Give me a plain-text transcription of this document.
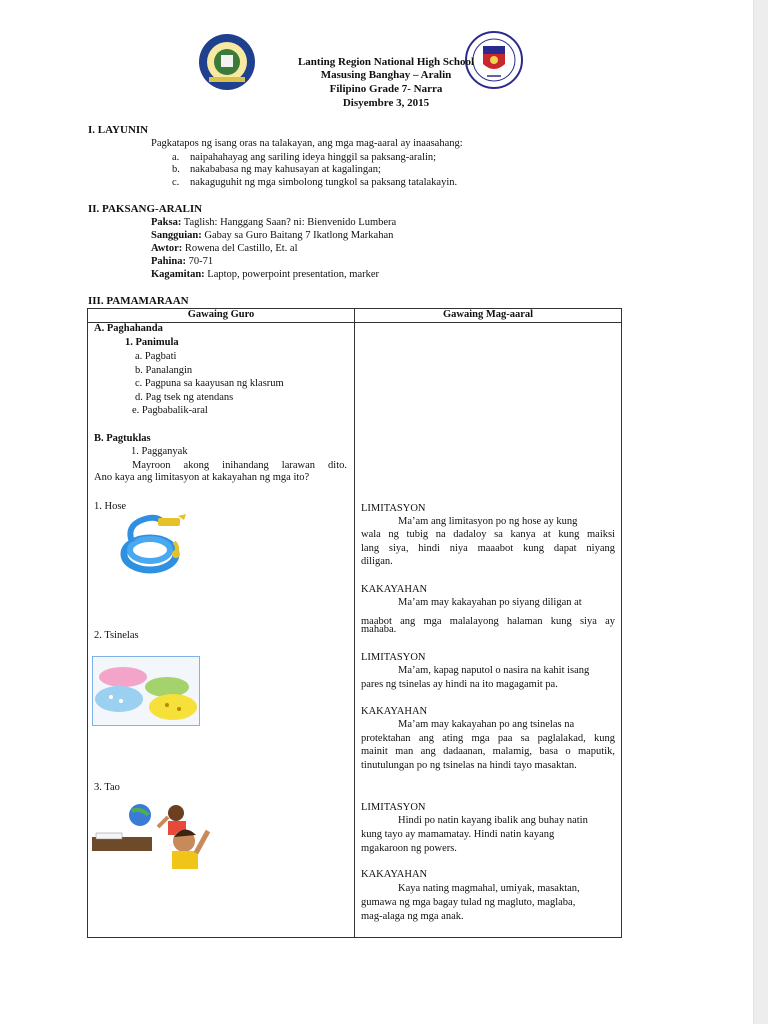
Lanting Region National High School
Masusing Banghay – Aralin
Filipino Grade 7- Narra
Disyembre 3, 2015
I. LAYUNIN
Pagkatapos ng isang oras na talakayan, ang mga mag-aaral ay inaasahang:
a. naipahahayag ang sariling ideya hinggil sa paksang-aralin;
b. nakababasa ng may kahusayan at kagalingan;
c. nakaguguhit ng mga simbolong tungkol sa paksang tatalakayin.
II. PAKSANG-ARALIN
Paksa: Taglish: Hanggang Saan? ni: Bienvenido Lumbera
Sangguian: Gabay sa Guro Baitang 7 Ikatlong Markahan
Awtor: Rowena del Castillo, Et. al
Pahina: 70-71
Kagamitan: Laptop, powerpoint presentation, marker
III. PAMAMARAAN
Gawaing Guro	Gawaing Mag-aaral
A. Paghahanda
1. Panimula
a. Pagbati
b. Panalangin
c. Pagpuna sa kaayusan ng klasrum
d. Pag tsek ng atendans
e. Pagbabalik-aral
B. Pagtuklas
1. Pagganyak
Mayroon akong inihandang larawan dito.
Ano kaya ang limitasyon at kakayahan ng mga ito?
1. Hose
2. Tsinelas
3. Tao
LIMITASYON
Ma’am ang limitasyon po ng hose ay kung
wala ng tubig na dadaloy sa kanya at kung maiksi
lang siya, hindi niya maaabot kung dapat niyang
diligan.
KAKAYAHAN
Ma’am may kakayahan po siyang diligan at
maabot ang mga malalayong halaman kung siya ay
mahaba.
LIMITASYON
Ma’am, kapag naputol o nasira na kahit isang
pares ng tsinelas ay hindi na ito magagamit pa.
KAKAYAHAN
Ma’am may kakayahan po ang tsinelas na
protektahan ang ating mga paa sa paglalakad, kung
mainit man ang dadaanan, malamig, basa o maputik,
tinutulungan po ng tsinelas na hindi tayo masaktan.
LIMITASYON
Hindi po natin kayang ibalik ang buhay natin
kung tayo ay mamamatay. Hindi natin kayang
mgakaroon ng powers.
KAKAYAHAN
Kaya nating magmahal, umiyak, masaktan,
gumawa ng mga bagay tulad ng magluto, maglaba,
mag-alaga ng mga anak.
